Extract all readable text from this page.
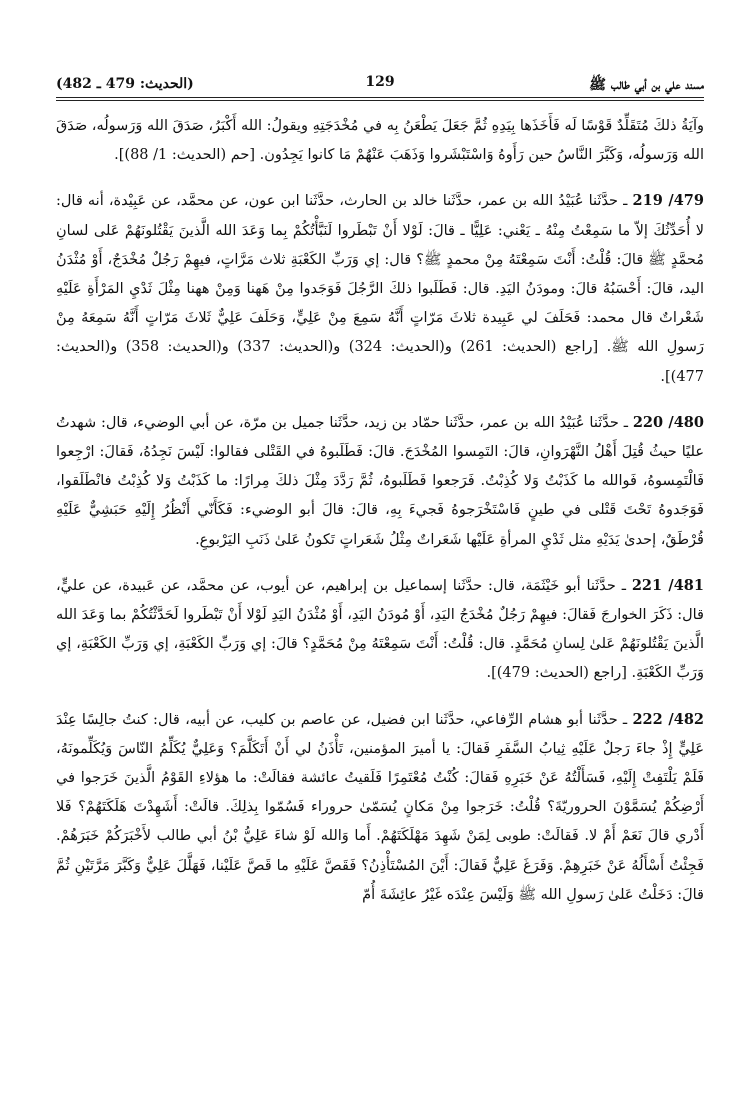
مسند علي بن أبي طالب ﷺ
129
(الحديث: 479 ـ 482)

وآيَةُ ذلكَ مُتَقَلِّدٌ قَوْسًا لَه فَأَخَذَها بِيَدِهِ ثُمَّ جَعَلَ يَطْعَنُ بِه في مُخْدَجَتِهِ ويقولُ: الله أَكْبَرُ، صَدَقَ الله وَرَسولُه، صَدَقَ الله وَرَسولُه، وَكَبَّرَ النَّاسُ حين رَأَوهُ وَاسْتَبْشَروا وَذَهَبَ عَنْهُمْ مَا كانوا يَجِدُون. [حم (الحديث: 1/ 88)].

479/ 219 ـ حدَّثَنا عُبَيْدُ الله بن عمر، حدَّثَنا خالد بن الحارث، حدَّثَنا ابن عون، عن محمَّد، عن عَبِيْدة، أنه قال: لا أُحَدِّثُكَ إلاّ ما سَمِعْتُ مِنْهُ ـ يَعْني: عَلِيًّا ـ قالَ: لَوْلا أَنْ تَبْطَروا لَنَبَّأْتُكُمْ بِما وَعَدَ الله الَّذينَ يَقْتُلونَهُمْ عَلى لسانِ مُحمَّدٍ ﷺ قالَ: قُلْتُ: أَنْتَ سَمِعْتَهُ مِنْ محمدٍ ﷺ؟ قال: إي وَرَبِّ الكَعْبَةِ ثلاث مَرَّاتٍ، فيهِمْ رَجُلٌ مُخْدَجٌ، أَوْ مُثْدَنُ اليد، قالَ: أَحْسَبُهُ قالَ: ومودَنُ اليَدِ. قال: فَطَلَبوا ذلكَ الرَّجُلَ فَوَجَدوا مِنْ هَهنا وَمِنْ ههنا مِثْلَ ثَدْيِ المَرْأَةِ عَلَيْهِ شَعْراتٌ قال محمد: فَحَلَفَ لي عَبِيدة ثلاثَ مَرّاتٍ أَنَّهُ سَمِعَ مِنْ عَلِيٍّ، وَحَلَفَ عَلِيٌّ ثَلاثَ مَرّاتٍ أَنَّهُ سَمِعَهُ مِنْ رَسولِ الله ﷺ. [راجع (الحديث: 261) و(الحديث: 324) و(الحديث: 337) و(الحديث: 358) و(الحديث: 477)].

480/ 220 ـ حدَّثَنا عُبَيْدُ الله بن عمر، حدَّثَنا حمّاد بن زيد، حدَّثَنا جميل بن مرّة، عن أبي الوضيء، قال: شهدتُ عليًا حيثُ قُتِلَ أَهْلُ النَّهْرَوانِ، قالَ: التَمِسوا المُخْدَجَ. قالَ: فَطَلَبوهُ في القَتْلى فقالوا: لَيْسَ نَجِدُهُ، فَقالَ: ارْجِعوا فَالْتَمِسوهُ، فَوالله ما كَذَبْتُ وَلا كُذِبْتُ. فَرَجعوا فَطَلَبوهُ، ثُمَّ رَدَّدَ مِثْلَ ذلكَ مِرارًا: ما كَذَبْتُ وَلا كُذِبْتُ فانْطَلَقوا، فَوَجَدوهُ تَحْتَ قَتْلى في طينٍ فَاسْتَخْرَجوهُ فَجيءَ بِهِ، قالَ: قالَ أبو الوضيء: فَكَأَنّي أَنْظُرُ إِلَيْهِ حَبَشِيٌّ عَلَيْهِ قُرْطَقٌ، إحدىٰ يَدَيْهِ مثل ثَدْيِ المرأةِ عَلَيْها شَعَراتٌ مِثْلُ شَعَراتٍ تَكونُ عَلىٰ ذَنَبِ اليَرْبوعِ.

481/ 221 ـ حدَّثَنا أبو خَيْثَمَة، قال: حدَّثَنا إسماعيل بن إبراهيم، عن أيوب، عن محمَّد، عن عَبيدة، عن عليٍّ، قال: ذَكَرَ الخوارجَ فَقالَ: فيهِمْ رَجُلٌ مُخْدَجُ اليَدِ، أَوْ مُودَنُ اليَدِ، أَوْ مُثْدَنُ اليَدِ لَوْلا أَنْ تَبْطَروا لَحَدَّثْتُكُمْ بما وَعَدَ الله الَّذينَ يَقْتُلونَهُمْ عَلىٰ لِسانِ مُحَمَّدٍ. قال: قُلْتُ: أَنْتَ سَمِعْتَهُ مِنْ مُحَمَّدٍ؟ قالَ: إي وَرَبِّ الكَعْبَةِ، إي وَرَبِّ الكَعْبَةِ، إي وَرَبِّ الكَعْبَةِ. [راجع (الحديث: 479)].

482/ 222 ـ حدَّثَنا أبو هشام الرِّفاعي، حدَّثَنا ابن فضيل، عن عاصم بن كليب، عن أبيه، قال: كنتُ جالِسًا عِنْدَ عَلِيٍّ إِذْ جاءَ رَجلٌ عَلَيْهِ ثِيابُ السَّفَرِ فَقالَ: يا أميرَ المؤمنين، تَأْذَنُ لي أَنْ أَتَكَلَّمَ؟ وَعَلِيٌّ يُكَلِّمُ النّاسَ وَيُكَلِّمونَهُ، فَلَمْ يَلْتَفِتْ إِلَيْهِ، فَسَأَلْتُهُ عَنْ خَبَرِهِ فَقالَ: كُنْتُ مُعْتَمِرًا فَلَقيتُ عائشة فقالَتْ: ما هؤلاءِ القَوْمُ الَّذينَ خَرَجوا في أَرْضِكُمْ يُسَمَّوْنَ الحروريّةَ؟ قُلْتُ: خَرَجوا مِنْ مَكانٍ يُسَمّىٰ حروراء فَسُمّوا بِذلِكَ. قالَتْ: أَشَهِدْتَ هَلَكَتَهُمْ؟ فَلا أَدْري قالَ نَعَمْ أَمْ لا. فَقالَتْ: طوبى لِمَنْ شَهِدَ مَهْلَكَتَهُمْ. أَما وَالله لَوْ شاءَ عَلِيُّ بْنُ أبي طالب لأَخْبَرَكُمْ خَبَرَهُمْ. فَجِئْتُ أَسْأَلُهُ عَنْ خَبَرِهِمْ. وَفَرَغَ عَلِيٌّ فَقالَ: أَيْنَ المُسْتَأْذِنُ؟ فَقَصَّ عَلَيْهِ ما قَصَّ عَلَيْنا، فَهَلَّلَ عَلِيٌّ وَكَبَّرَ مَرَّتَيْنِ ثُمَّ قالَ: دَخَلْتُ عَلىٰ رَسولِ الله ﷺ وَلَيْسَ عِنْدَه غَيْرُ عائِشَةَ أُمّ
